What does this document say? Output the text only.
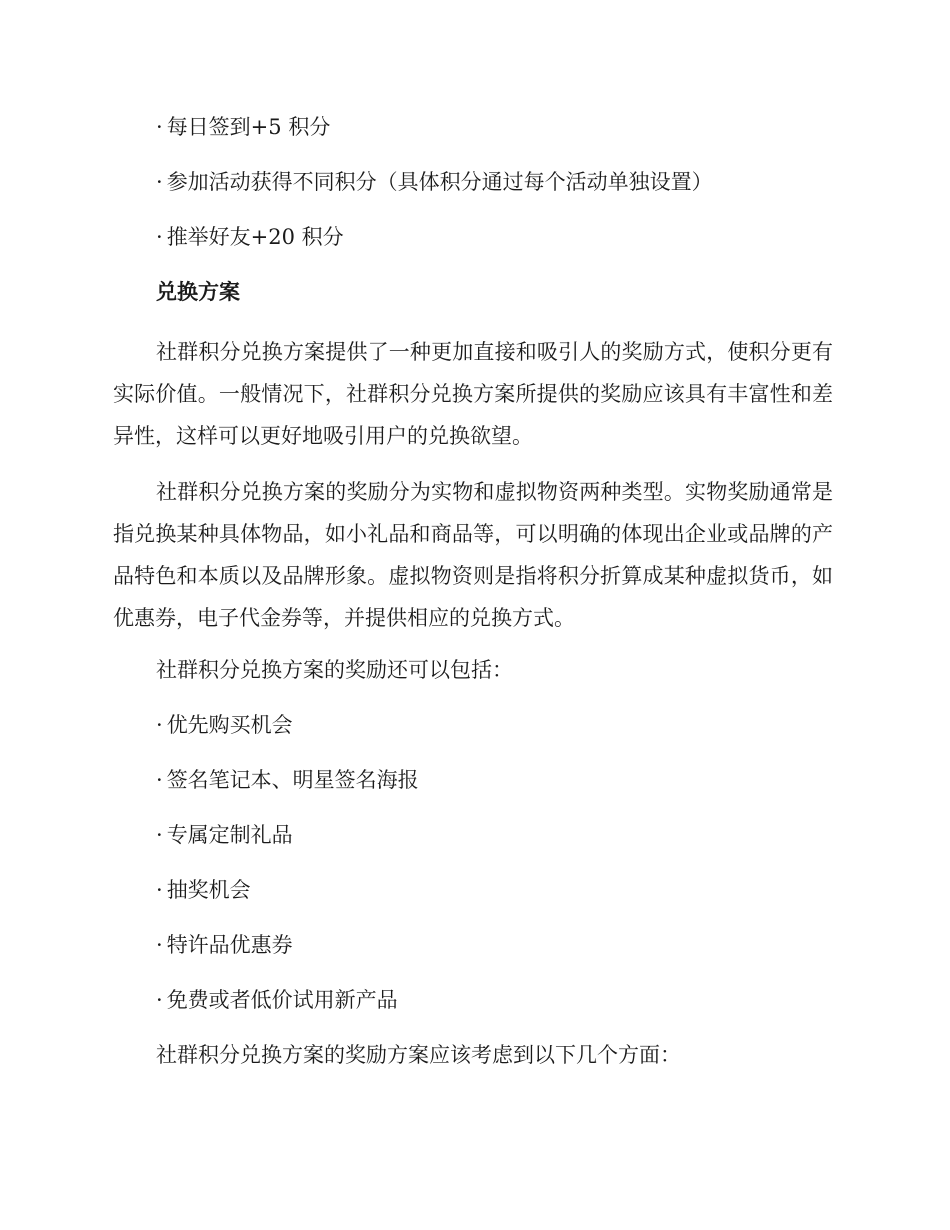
· 每日签到+5 积分

· 参加活动获得不同积分（具体积分通过每个活动单独设置）

· 推举好友+20 积分

兑换方案

社群积分兑换方案提供了一种更加直接和吸引人的奖励方式，使积分更有实际价值。一般情况下，社群积分兑换方案所提供的奖励应该具有丰富性和差异性，这样可以更好地吸引用户的兑换欲望。

社群积分兑换方案的奖励分为实物和虚拟物资两种类型。实物奖励通常是指兑换某种具体物品，如小礼品和商品等，可以明确的体现出企业或品牌的产品特色和本质以及品牌形象。虚拟物资则是指将积分折算成某种虚拟货币，如优惠券，电子代金券等，并提供相应的兑换方式。

社群积分兑换方案的奖励还可以包括：

· 优先购买机会

· 签名笔记本、明星签名海报

· 专属定制礼品

· 抽奖机会

· 特许品优惠券

· 免费或者低价试用新产品

社群积分兑换方案的奖励方案应该考虑到以下几个方面：
